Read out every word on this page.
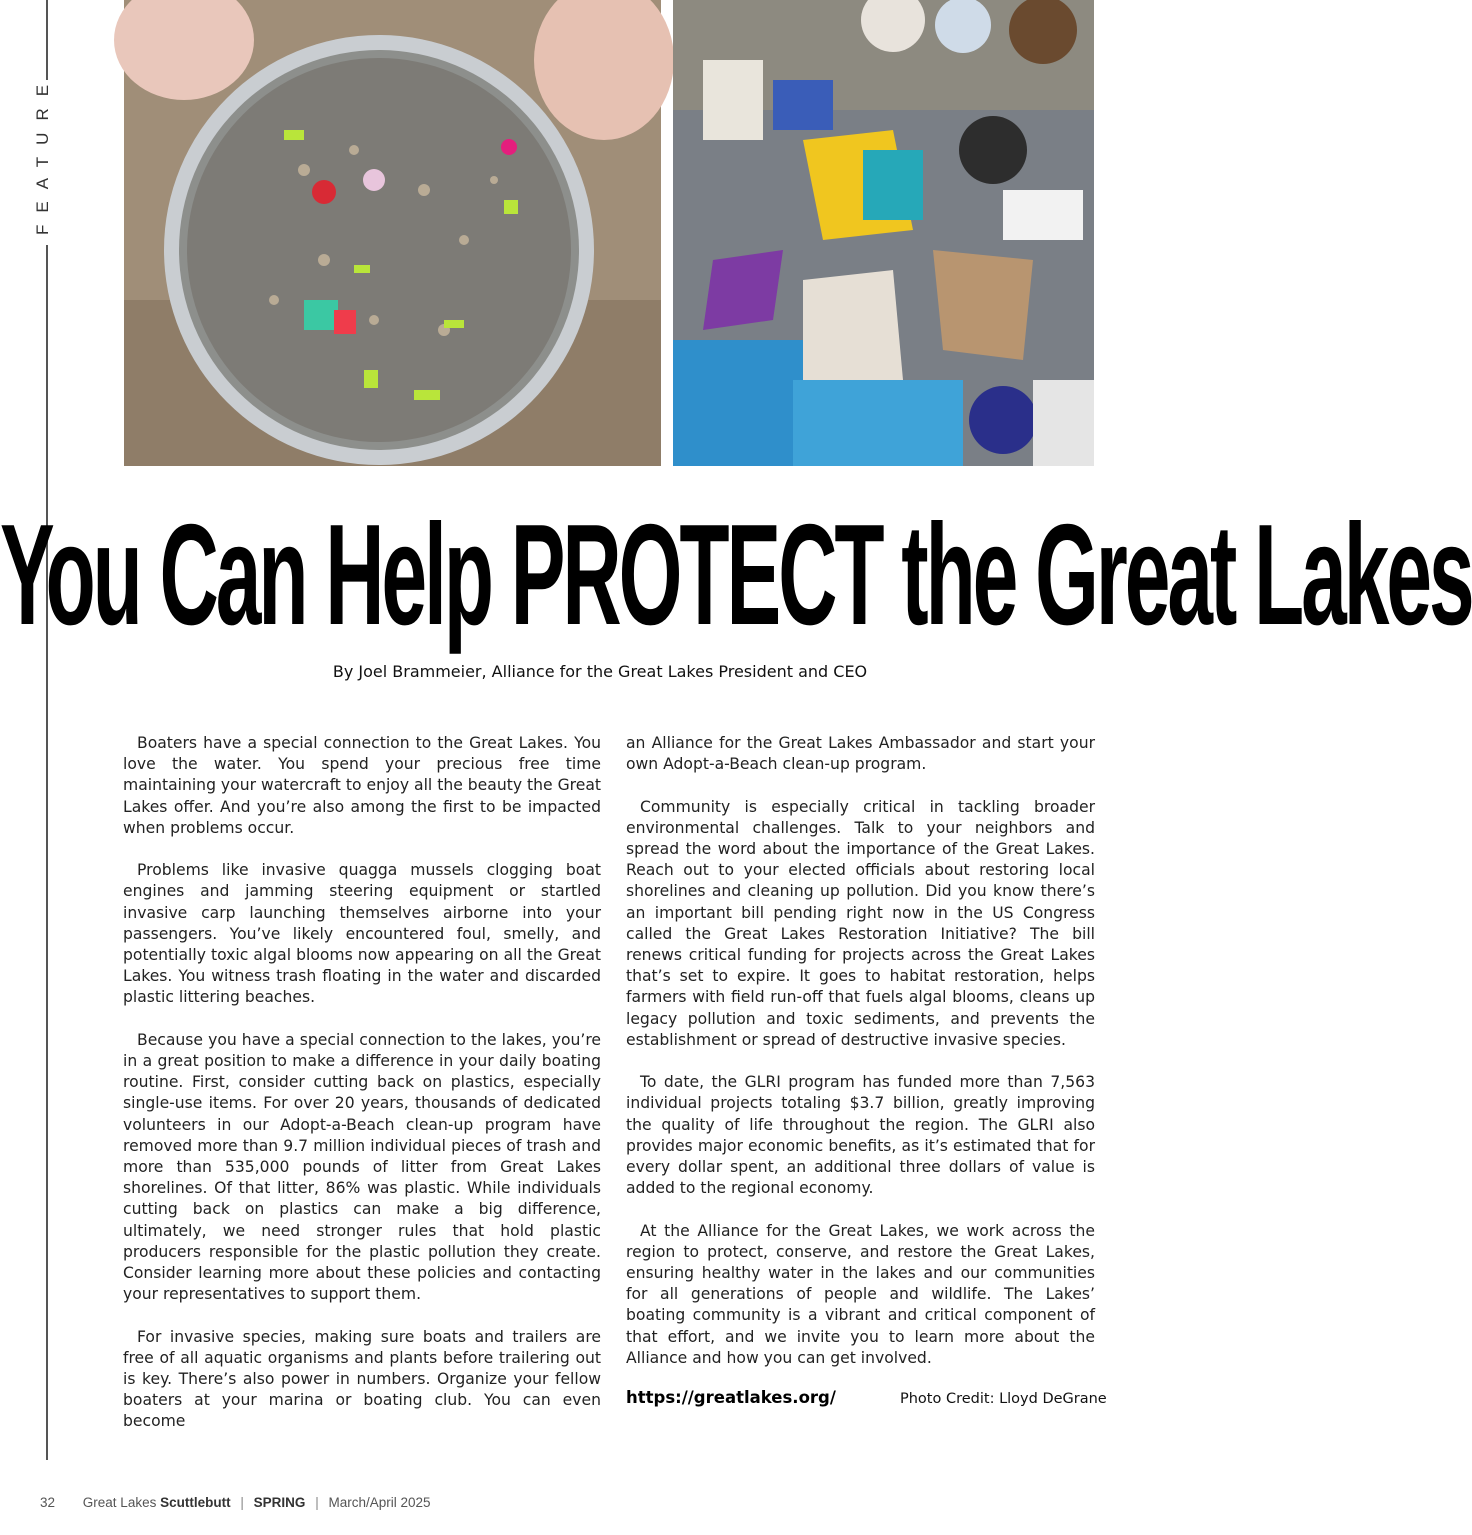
FEATURE
You Can Help PROTECT the Great Lakes
By Joel Brammeier, Alliance for the Great Lakes President and CEO

Boaters have a special connection to the Great Lakes. You love the water. You spend your precious free time maintaining your watercraft to enjoy all the beauty the Great Lakes offer. And you’re also among the first to be impacted when problems occur.

Problems like invasive quagga mussels clogging boat engines and jamming steering equipment or startled invasive carp launching themselves airborne into your passengers. You’ve likely encountered foul, smelly, and potentially toxic algal blooms now appearing on all the Great Lakes. You witness trash floating in the water and discarded plastic littering beaches.

Because you have a special connection to the lakes, you’re in a great position to make a difference in your daily boating routine. First, consider cutting back on plastics, especially single-use items. For over 20 years, thousands of dedicated volunteers in our Adopt-a-Beach clean-up program have removed more than 9.7 million individual pieces of trash and more than 535,000 pounds of litter from Great Lakes shorelines. Of that litter, 86% was plastic. While individuals cutting back on plastics can make a big difference, ultimately, we need stronger rules that hold plastic producers responsible for the plastic pollution they create. Consider learning more about these policies and contacting your representatives to support them.

For invasive species, making sure boats and trailers are free of all aquatic organisms and plants before trailering out is key. There’s also power in numbers. Organize your fellow boaters at your marina or boating club. You can even become

an Alliance for the Great Lakes Ambassador and start your own Adopt-a-Beach clean-up program.

Community is especially critical in tackling broader environmental challenges. Talk to your neighbors and spread the word about the importance of the Great Lakes. Reach out to your elected officials about restoring local shorelines and cleaning up pollution. Did you know there’s an important bill pending right now in the US Congress called the Great Lakes Restoration Initiative? The bill renews critical funding for projects across the Great Lakes that’s set to expire. It goes to habitat restoration, helps farmers with field run-off that fuels algal blooms, cleans up legacy pollution and toxic sediments, and prevents the establishment or spread of destructive invasive species.

To date, the GLRI program has funded more than 7,563 individual projects totaling $3.7 billion, greatly improving the quality of life throughout the region. The GLRI also provides major economic benefits, as it’s estimated that for every dollar spent, an additional three dollars of value is added to the regional economy.

At the Alliance for the Great Lakes, we work across the region to protect, conserve, and restore the Great Lakes, ensuring healthy water in the lakes and our communities for all generations of people and wildlife. The Lakes’ boating community is a vibrant and critical component of that effort, and we invite you to learn more about the Alliance and how you can get involved.

https://greatlakes.org/	Photo Credit: Lloyd DeGrane
32 Great Lakes Scuttlebutt | SPRING | March/April 2025
